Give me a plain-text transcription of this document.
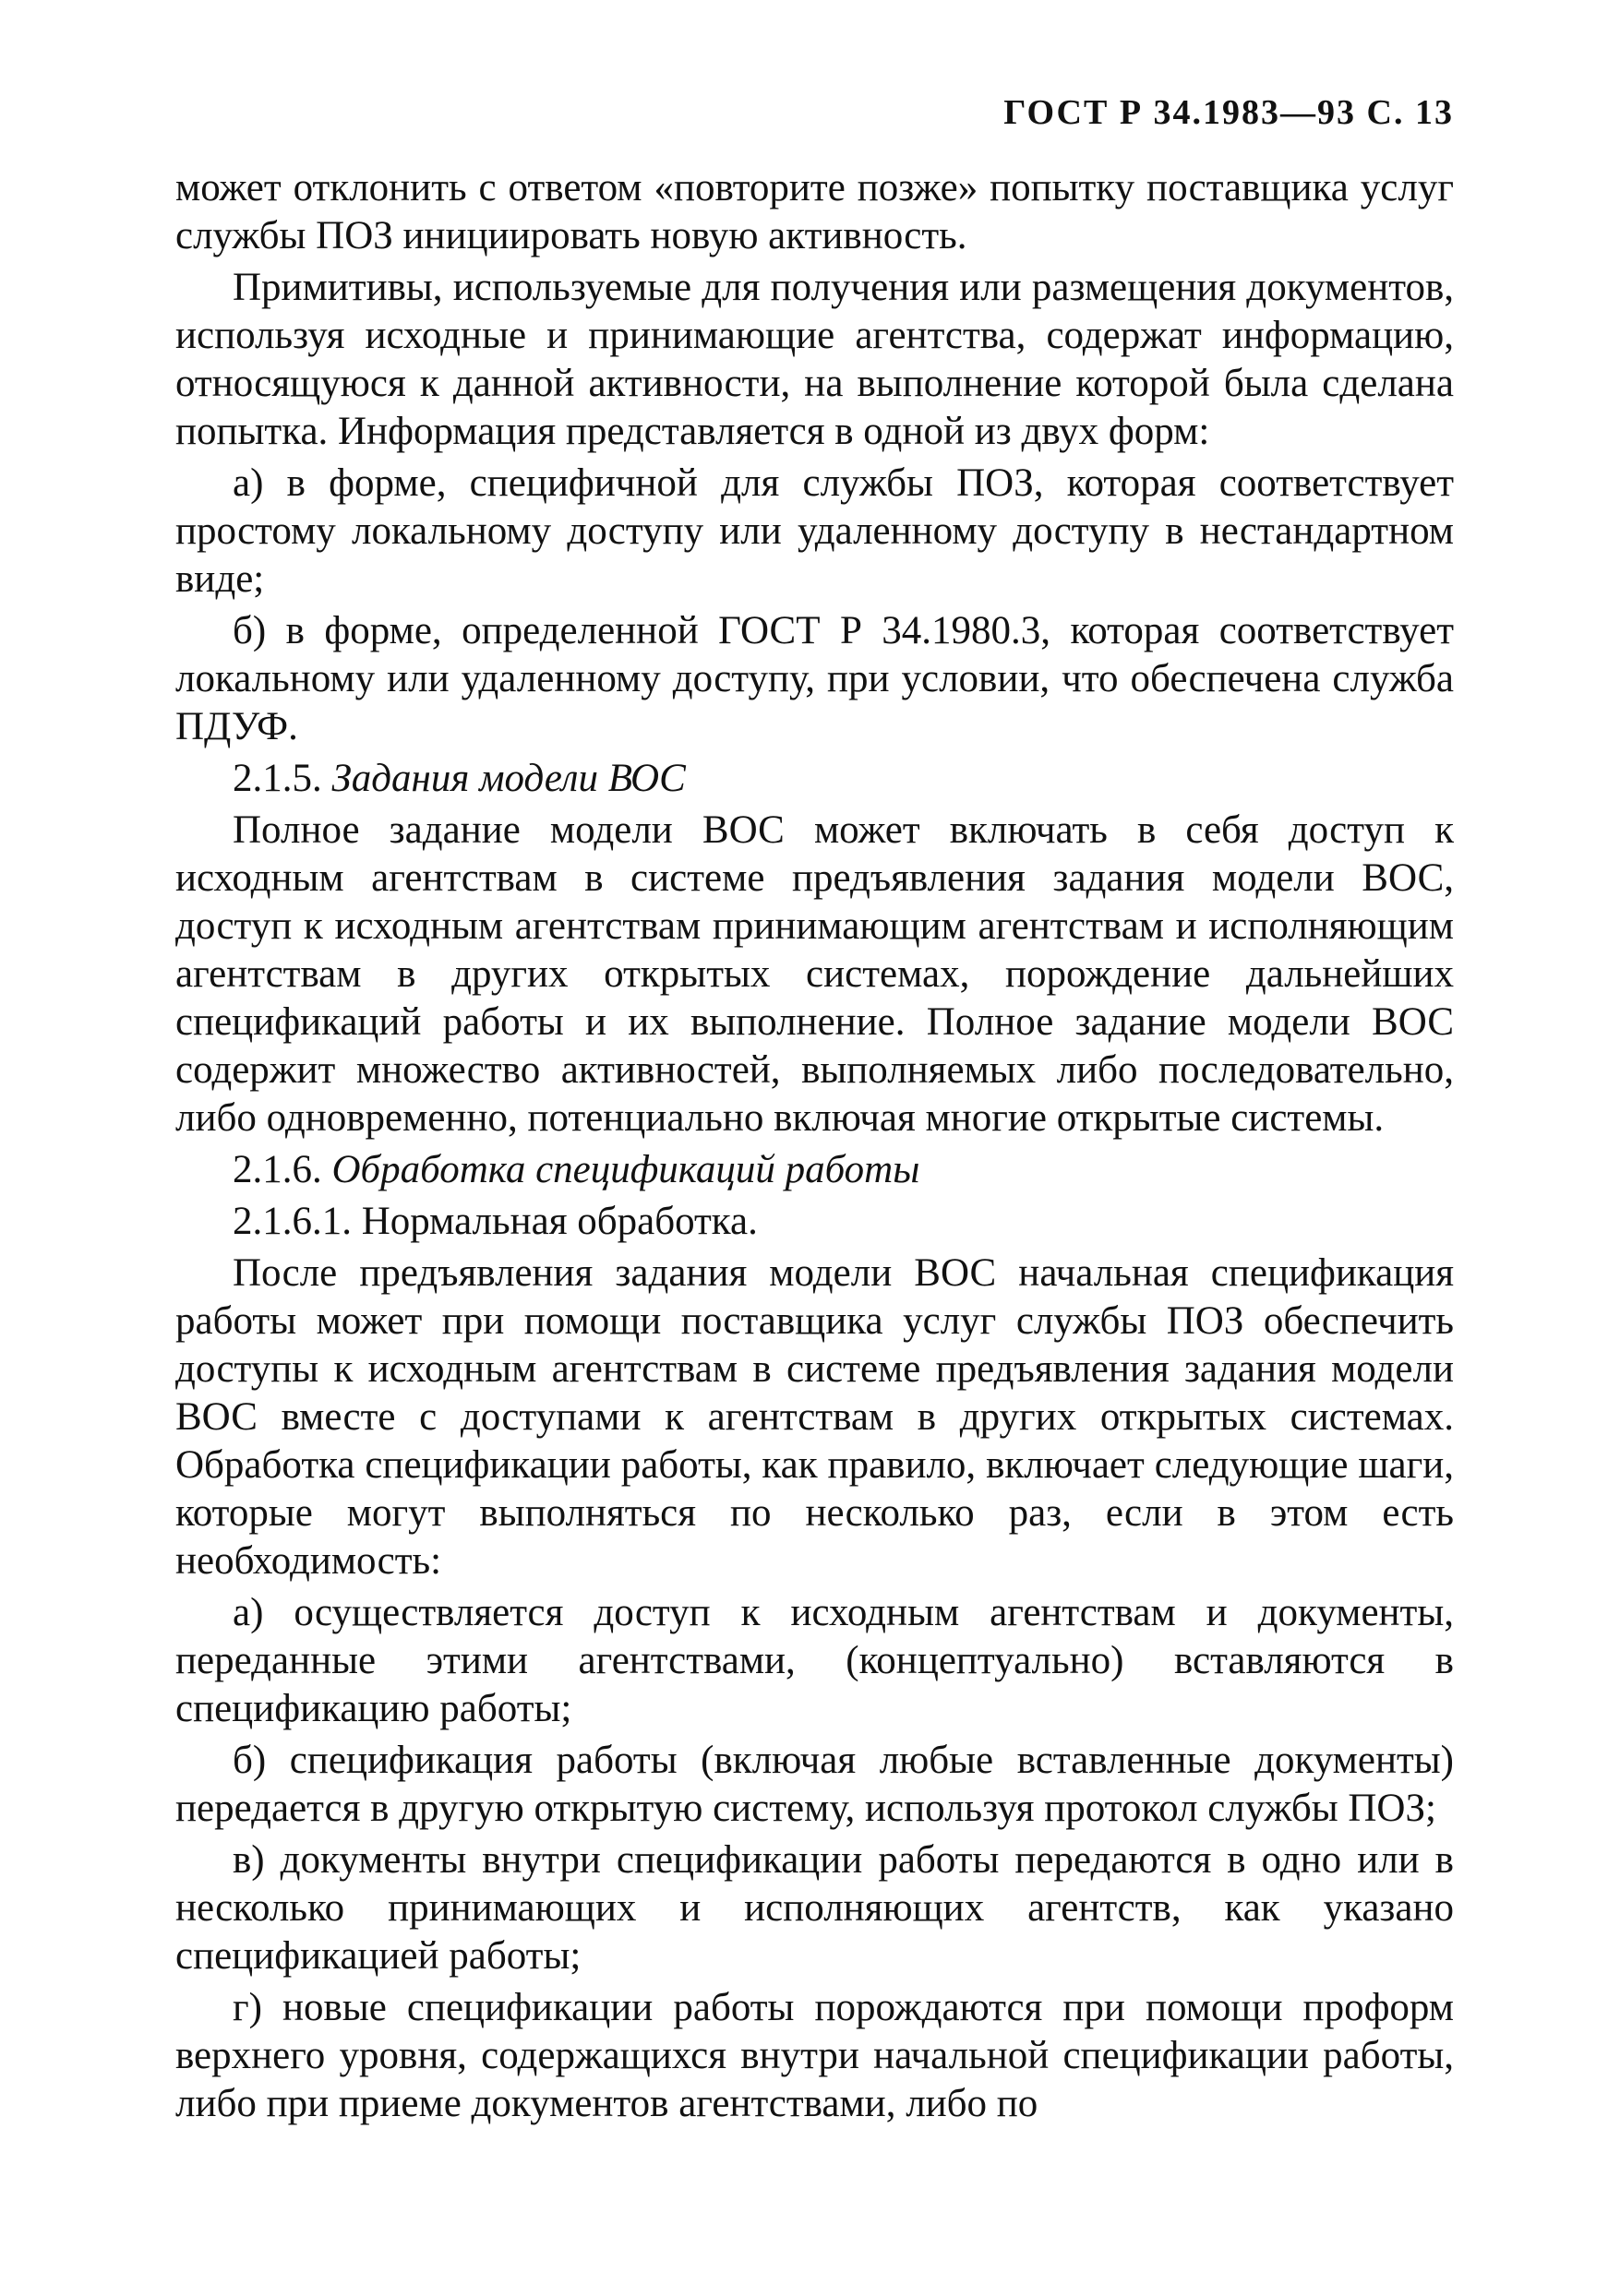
ГОСТ Р 34.1983—93 С. 13

может отклонить с ответом «повторите позже» попытку поставщика услуг службы ПОЗ инициировать новую активность.

Примитивы, используемые для получения или размещения документов, используя исходные и принимающие агентства, содержат информацию, относящуюся к данной активности, на выполнение которой была сделана попытка. Информация представляется в одной из двух форм:

а) в форме, специфичной для службы ПОЗ, которая соответствует простому локальному доступу или удаленному доступу в нестандартном виде;

б) в форме, определенной ГОСТ Р 34.1980.3, которая соответствует локальному или удаленному доступу, при условии, что обеспечена служба ПДУФ.

2.1.5. Задания модели ВОС

Полное задание модели ВОС может включать в себя доступ к исходным агентствам в системе предъявления задания модели ВОС, доступ к исходным агентствам принимающим агентствам и исполняющим агентствам в других открытых системах, порождение дальнейших спецификаций работы и их выполнение. Полное задание модели ВОС содержит множество активностей, выполняемых либо последовательно, либо одновременно, потенциально включая многие открытые системы.

2.1.6. Обработка спецификаций работы

2.1.6.1. Нормальная обработка.

После предъявления задания модели ВОС начальная спецификация работы может при помощи поставщика услуг службы ПОЗ обеспечить доступы к исходным агентствам в системе предъявления задания модели ВОС вместе с доступами к агентствам в других открытых системах. Обработка спецификации работы, как правило, включает следующие шаги, которые могут выполняться по несколько раз, если в этом есть необходимость:

а) осуществляется доступ к исходным агентствам и документы, переданные этими агентствами, (концептуально) вставляются в спецификацию работы;

б) спецификация работы (включая любые вставленные документы) передается в другую открытую систему, используя протокол службы ПОЗ;

в) документы внутри спецификации работы передаются в одно или в несколько принимающих и исполняющих агентств, как указано спецификацией работы;

г) новые спецификации работы порождаются при помощи проформ верхнего уровня, содержащихся внутри начальной спецификации работы, либо при приеме документов агентствами, либо по
